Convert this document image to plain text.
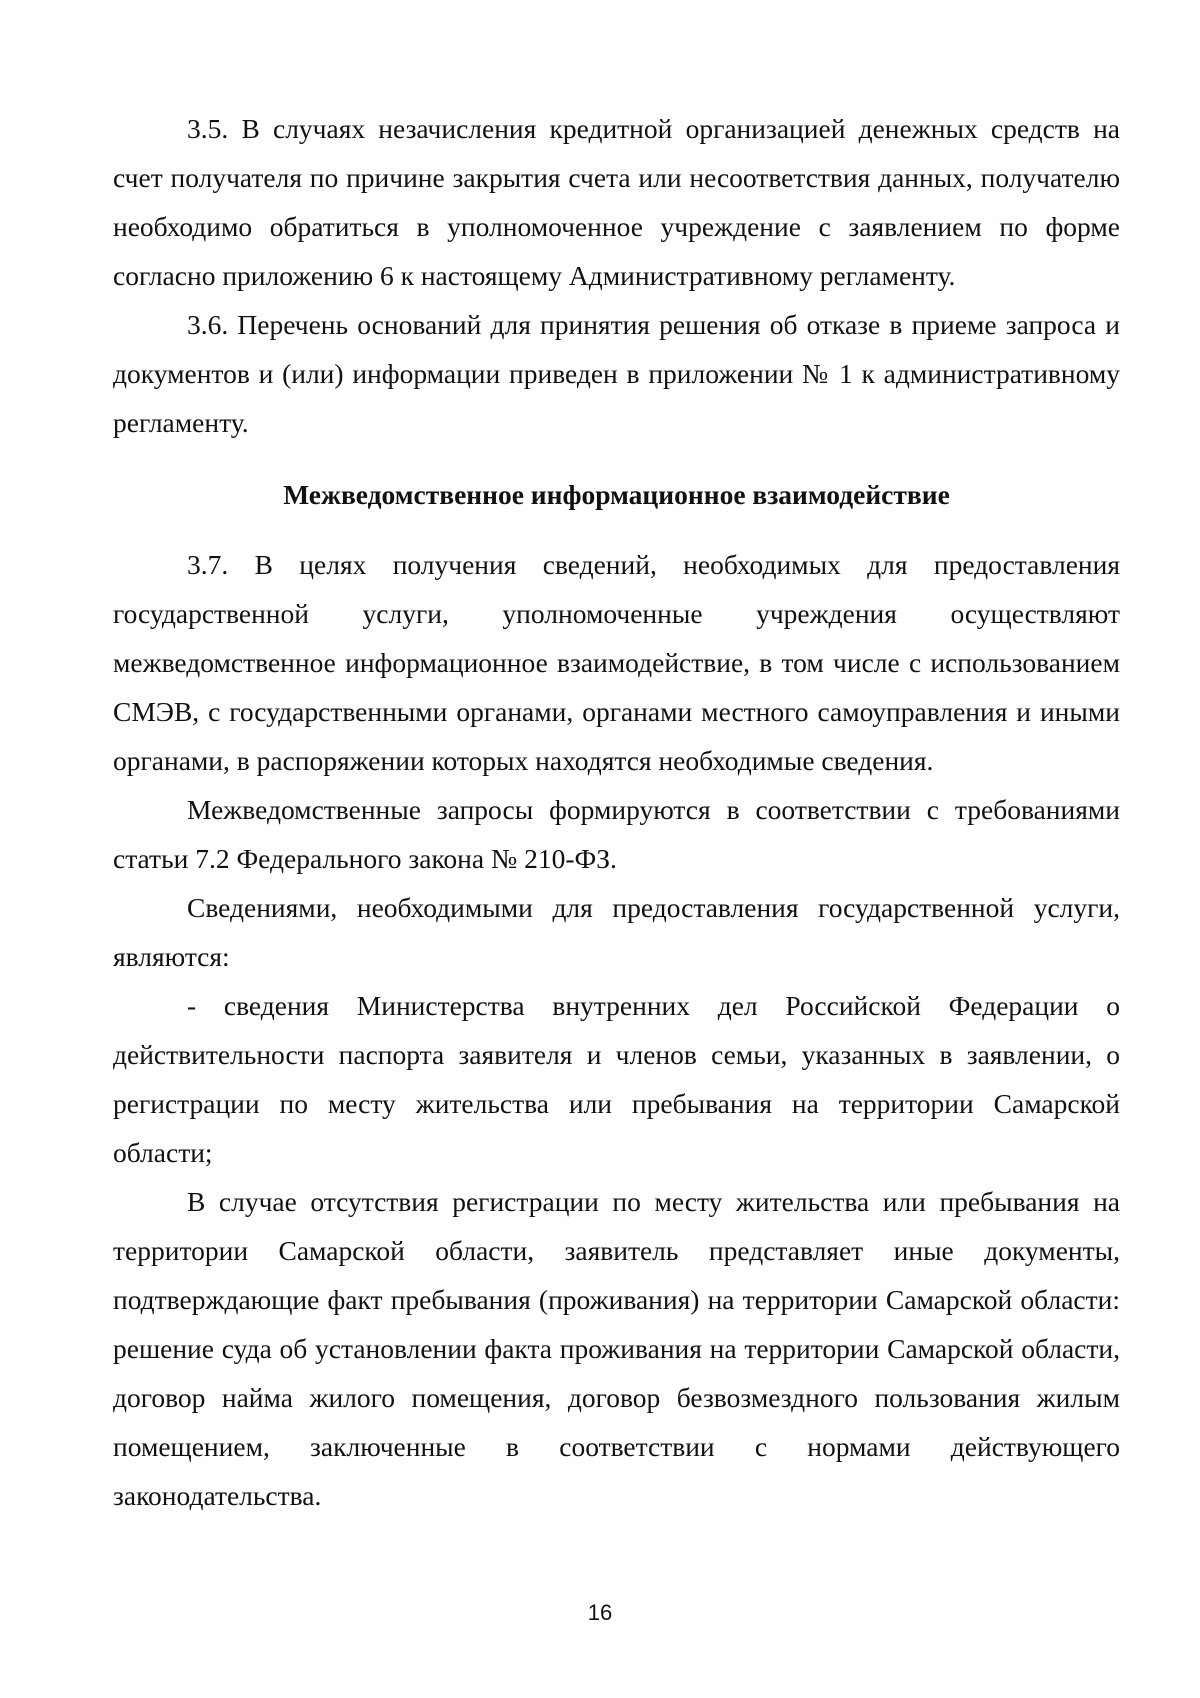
3.5. В случаях незачисления кредитной организацией денежных средств на счет получателя по причине закрытия счета или несоответствия данных, получателю необходимо обратиться в уполномоченное учреждение с заявлением по форме согласно приложению 6 к настоящему Административному регламенту.

3.6. Перечень оснований для принятия решения об отказе в приеме запроса и документов и (или) информации приведен в приложении № 1 к административному регламенту.

Межведомственное информационное взаимодействие

3.7. В целях получения сведений, необходимых для предоставления государственной услуги, уполномоченные учреждения осуществляют межведомственное информационное взаимодействие, в том числе с использованием СМЭВ, с государственными органами, органами местного самоуправления и иными органами, в распоряжении которых находятся необходимые сведения.

Межведомственные запросы формируются в соответствии с требованиями статьи 7.2 Федерального закона № 210-ФЗ.

Сведениями, необходимыми для предоставления государственной услуги, являются:

- сведения Министерства внутренних дел Российской Федерации о действительности паспорта заявителя и членов семьи, указанных в заявлении, о регистрации по месту жительства или пребывания на территории Самарской области;

В случае отсутствия регистрации по месту жительства или пребывания на территории Самарской области, заявитель представляет иные документы, подтверждающие факт пребывания (проживания) на территории Самарской области: решение суда об установлении факта проживания на территории Самарской области, договор найма жилого помещения, договор безвозмездного пользования жилым помещением, заключенные в соответствии с нормами действующего законодательства.

16
